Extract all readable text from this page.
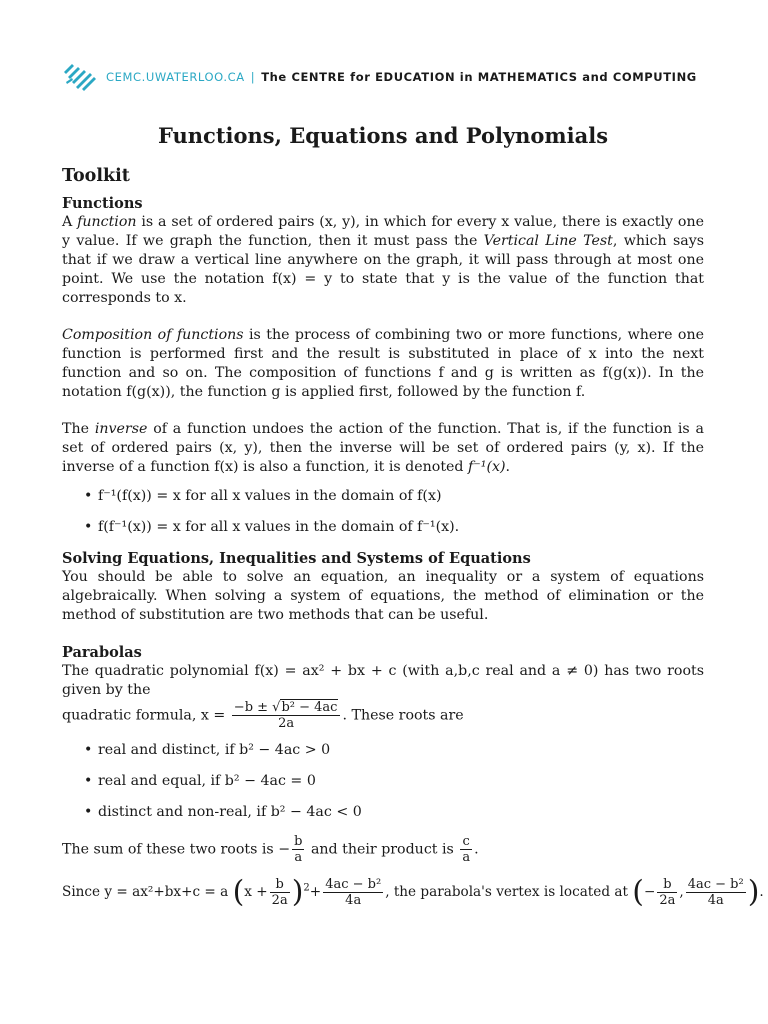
CEMC.UWATERLOO.CA | The CENTRE for EDUCATION in MATHEMATICS and COMPUTING
Functions, Equations and Polynomials
Toolkit
Functions

A function is a set of ordered pairs (x, y), in which for every x value, there is exactly one y value. If we graph the function, then it must pass the Vertical Line Test, which says that if we draw a vertical line anywhere on the graph, it will pass through at most one point. We use the notation f(x) = y to state that y is the value of the function that corresponds to x.

Composition of functions is the process of combining two or more functions, where one function is performed first and the result is substituted in place of x into the next function and so on. The composition of functions f and g is written as f(g(x)). In the notation f(g(x)), the function g is applied first, followed by the function f.

The inverse of a function undoes the action of the function. That is, if the function is a set of ordered pairs (x, y), then the inverse will be set of ordered pairs (y, x). If the inverse of a function f(x) is also a function, it is denoted f⁻¹(x).

• f⁻¹(f(x)) = x for all x values in the domain of f(x)
• f(f⁻¹(x)) = x for all x values in the domain of f⁻¹(x).
Solving Equations, Inequalities and Systems of Equations

You should be able to solve an equation, an inequality or a system of equations algebraically. When solving a system of equations, the method of elimination or the method of substitution are two methods that can be useful.

Parabolas

The quadratic polynomial f(x) = ax² + bx + c (with a,b,c real and a ≠ 0) has two roots given by the
quadratic formula, $x = \frac{\text{−b ± √b² − 4ac}}{2a}$ . These roots are

• real and distinct, if b² − 4ac > 0
• real and equal, if b² − 4ac = 0
• distinct and non-real, if b² − 4ac < 0

The sum of these two roots is − $\frac{b}{a}$ and their product is $\frac{c}{a}$ .

Since y = ax²+bx+c = a $(x + \frac{b}{2a} )^2+ \frac{\text{4ac − b²}}{4a}$ , the parabola's vertex is located at (− $\frac{b}{2a}$ , $\frac{\text{4ac − b²}}{4a}$ ).
